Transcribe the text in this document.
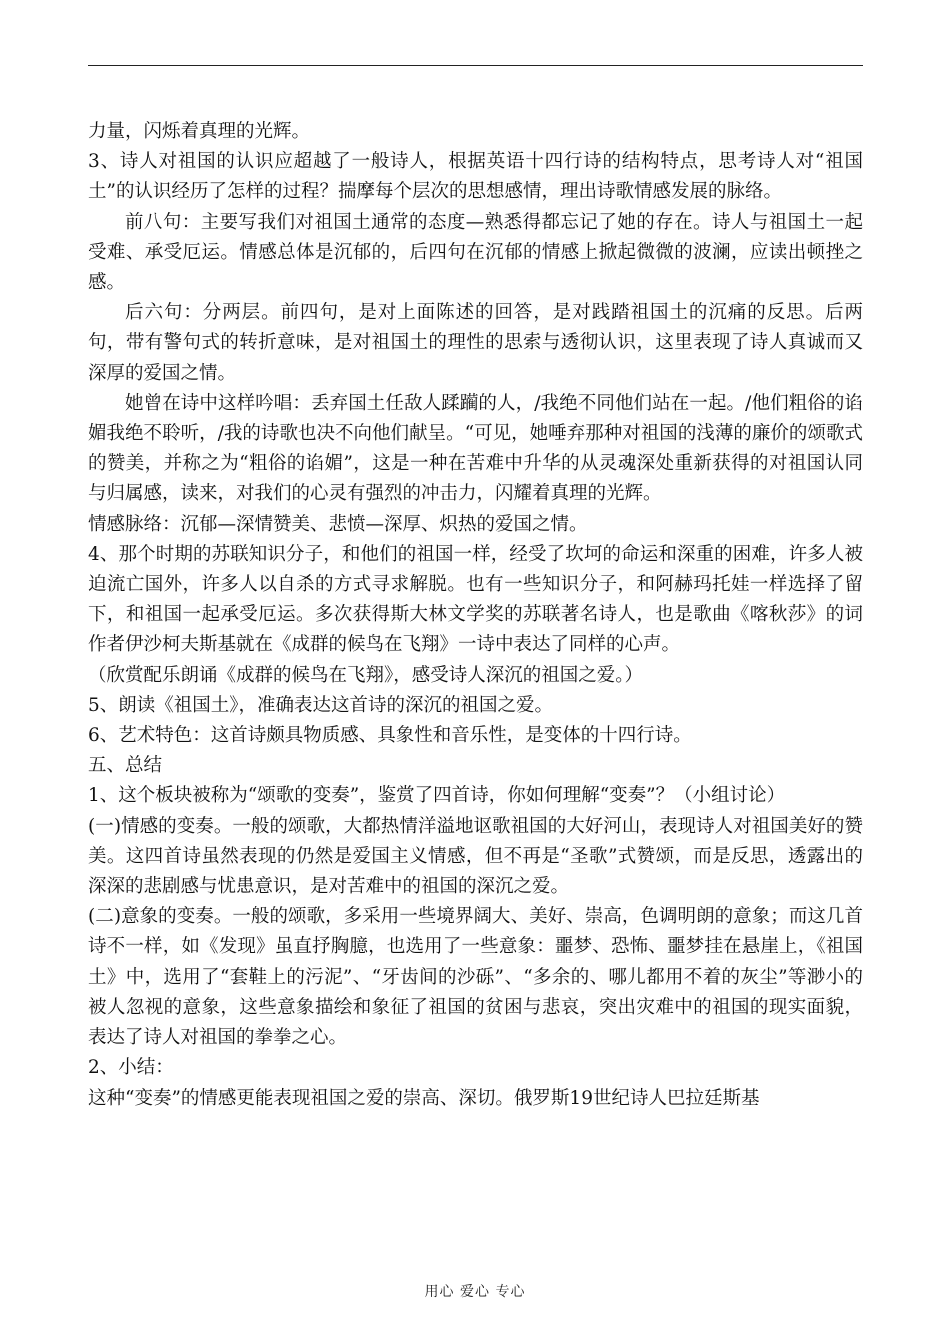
力量，闪烁着真理的光辉。

3、诗人对祖国的认识应超越了一般诗人，根据英语十四行诗的结构特点，思考诗人对“祖国土”的认识经历了怎样的过程？揣摩每个层次的思想感情，理出诗歌情感发展的脉络。

前八句：主要写我们对祖国土通常的态度—熟悉得都忘记了她的存在。诗人与祖国土一起受难、承受厄运。情感总体是沉郁的，后四句在沉郁的情感上掀起微微的波澜，应读出顿挫之感。

后六句：分两层。前四句，是对上面陈述的回答，是对践踏祖国土的沉痛的反思。后两句，带有警句式的转折意味，是对祖国土的理性的思索与透彻认识，这里表现了诗人真诚而又深厚的爱国之情。

她曾在诗中这样吟唱：丢弃国土任敌人蹂躏的人，/我绝不同他们站在一起。/他们粗俗的谄媚我绝不聆听，/我的诗歌也决不向他们献呈。“可见，她唾弃那种对祖国的浅薄的廉价的颂歌式的赞美，并称之为“粗俗的谄媚”，这是一种在苦难中升华的从灵魂深处重新获得的对祖国认同与归属感，读来，对我们的心灵有强烈的冲击力，闪耀着真理的光辉。

情感脉络：沉郁—深情赞美、悲愤—深厚、炽热的爱国之情。

4、那个时期的苏联知识分子，和他们的祖国一样，经受了坎坷的命运和深重的困难，许多人被迫流亡国外，许多人以自杀的方式寻求解脱。也有一些知识分子，和阿赫玛托娃一样选择了留下，和祖国一起承受厄运。多次获得斯大林文学奖的苏联著名诗人，也是歌曲《喀秋莎》的词作者伊沙柯夫斯基就在《成群的候鸟在飞翔》一诗中表达了同样的心声。

（欣赏配乐朗诵《成群的候鸟在飞翔》，感受诗人深沉的祖国之爱。）

5、朗读《祖国土》，准确表达这首诗的深沉的祖国之爱。

6、艺术特色：这首诗颇具物质感、具象性和音乐性，是变体的十四行诗。

五、总结

1、这个板块被称为“颂歌的变奏”，鉴赏了四首诗，你如何理解“变奏”？（小组讨论）

(一)情感的变奏。一般的颂歌，大都热情洋溢地讴歌祖国的大好河山，表现诗人对祖国美好的赞美。这四首诗虽然表现的仍然是爱国主义情感，但不再是“圣歌”式赞颂，而是反思，透露出的深深的悲剧感与忧患意识，是对苦难中的祖国的深沉之爱。

(二)意象的变奏。一般的颂歌，多采用一些境界阔大、美好、崇高，色调明朗的意象；而这几首诗不一样，如《发现》虽直抒胸臆，也选用了一些意象：噩梦、恐怖、噩梦挂在悬崖上，《祖国土》中，选用了“套鞋上的污泥”、“牙齿间的沙砾”、“多余的、哪儿都用不着的灰尘”等渺小的被人忽视的意象，这些意象描绘和象征了祖国的贫困与悲哀，突出灾难中的祖国的现实面貌，表达了诗人对祖国的拳拳之心。

2、小结：

这种“变奏”的情感更能表现祖国之爱的崇高、深切。俄罗斯19世纪诗人巴拉廷斯基

用心 爱心 专心
